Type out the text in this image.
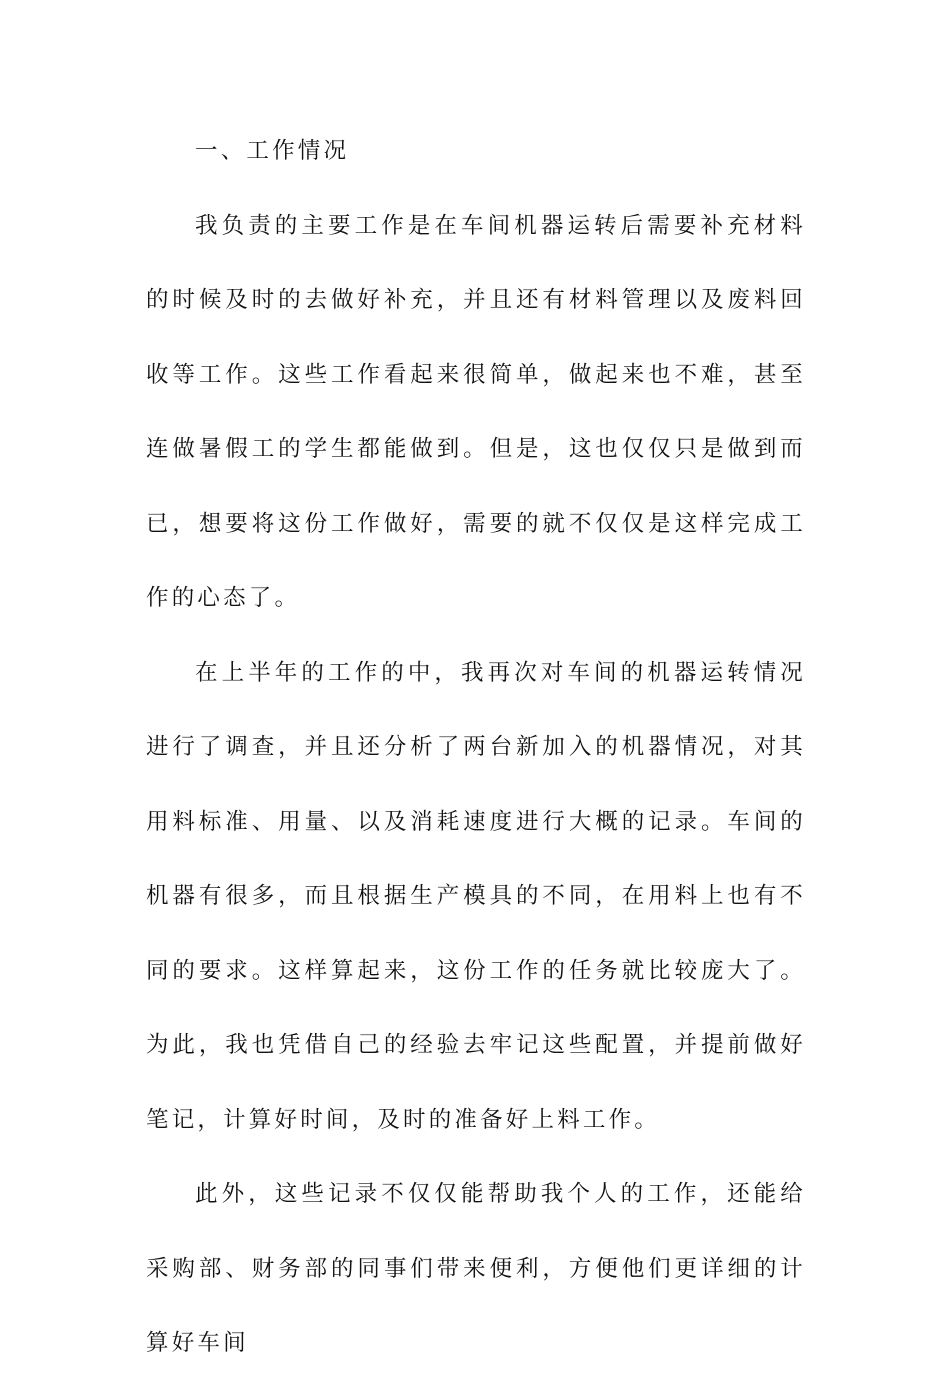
一、工作情况

我负责的主要工作是在车间机器运转后需要补充材料的时候及时的去做好补充，并且还有材料管理以及废料回收等工作。这些工作看起来很简单，做起来也不难，甚至连做暑假工的学生都能做到。但是，这也仅仅只是做到而已，想要将这份工作做好，需要的就不仅仅是这样完成工作的心态了。

在上半年的工作的中，我再次对车间的机器运转情况进行了调查，并且还分析了两台新加入的机器情况，对其用料标准、用量、以及消耗速度进行大概的记录。车间的机器有很多，而且根据生产模具的不同，在用料上也有不同的要求。这样算起来，这份工作的任务就比较庞大了。为此，我也凭借自己的经验去牢记这些配置，并提前做好笔记，计算好时间，及时的准备好上料工作。

此外，这些记录不仅仅能帮助我个人的工作，还能给采购部、财务部的同事们带来便利，方便他们更详细的计算好车间
